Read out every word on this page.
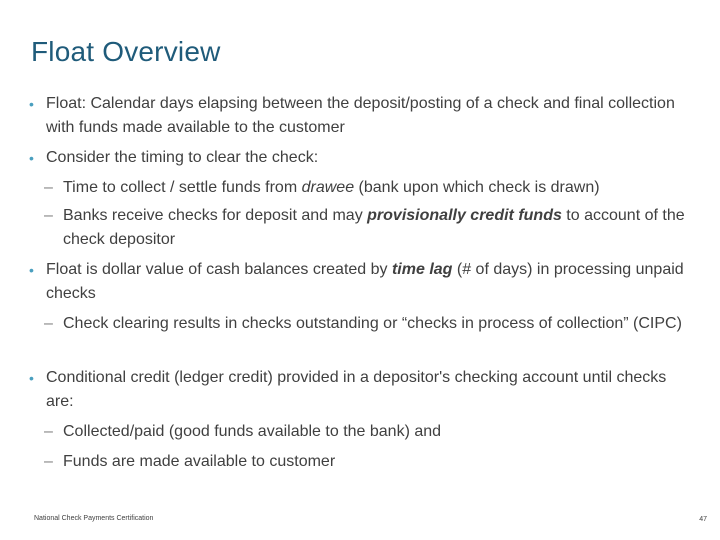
Float Overview
• Float: Calendar days elapsing between the deposit/posting of a check and final collection with funds made available to the customer
• Consider the timing to clear the check:
– Time to collect / settle funds from drawee (bank upon which check is drawn)
– Banks receive checks for deposit and may provisionally credit funds to account of the check depositor
• Float is dollar value of cash balances created by time lag (# of days) in processing unpaid checks
– Check clearing results in checks outstanding or “checks in process of collection” (CIPC)
• Conditional credit (ledger credit) provided in a depositor's checking account until checks are:
– Collected/paid (good funds available to the bank) and
– Funds are made available to customer
National Check Payments Certification	47
